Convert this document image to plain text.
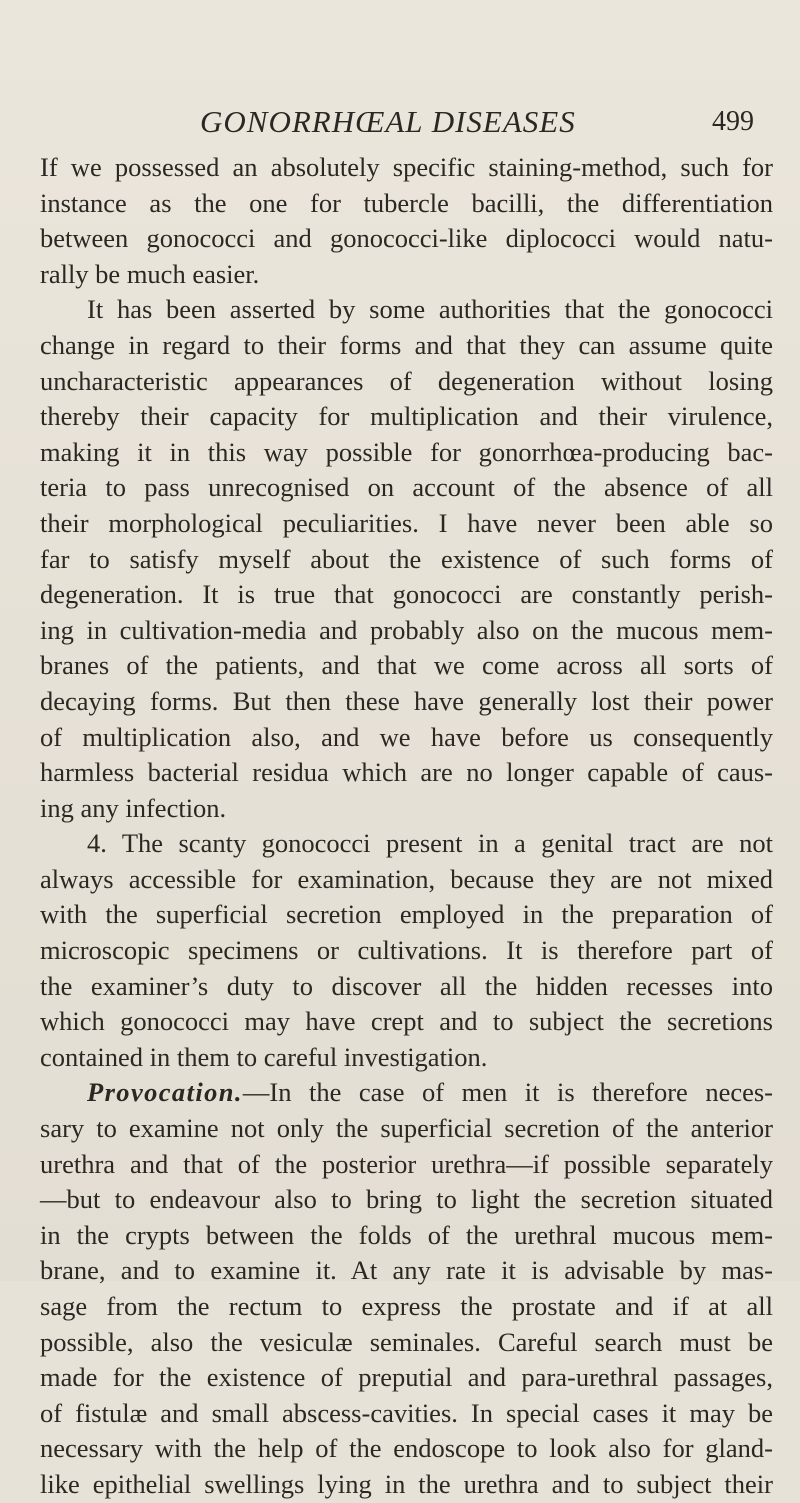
GONORRHŒAL DISEASES	499
If we possessed an absolutely specific staining-method, such for
instance as the one for tubercle bacilli, the differentiation
between gonococci and gonococci-like diplococci would natu-
rally be much easier.
It has been asserted by some authorities that the gonococci
change in regard to their forms and that they can assume quite
uncharacteristic appearances of degeneration without losing
thereby their capacity for multiplication and their virulence,
making it in this way possible for gonorrhœa-producing bac-
teria to pass unrecognised on account of the absence of all
their morphological peculiarities. I have never been able so
far to satisfy myself about the existence of such forms of
degeneration. It is true that gonococci are constantly perish-
ing in cultivation-media and probably also on the mucous mem-
branes of the patients, and that we come across all sorts of
decaying forms. But then these have generally lost their power
of multiplication also, and we have before us consequently
harmless bacterial residua which are no longer capable of caus-
ing any infection.
4. The scanty gonococci present in a genital tract are not
always accessible for examination, because they are not mixed
with the superficial secretion employed in the preparation of
microscopic specimens or cultivations. It is therefore part of
the examiner’s duty to discover all the hidden recesses into
which gonococci may have crept and to subject the secretions
contained in them to careful investigation.
Provocation.—In the case of men it is therefore neces-
sary to examine not only the superficial secretion of the anterior
urethra and that of the posterior urethra—if possible separately
—but to endeavour also to bring to light the secretion situated
in the crypts between the folds of the urethral mucous mem-
brane, and to examine it. At any rate it is advisable by mas-
sage from the rectum to express the prostate and if at all
possible, also the vesiculæ seminales. Careful search must be
made for the existence of preputial and para-urethral passages,
of fistulæ and small abscess-cavities. In special cases it may be
necessary with the help of the endoscope to look also for gland-
like epithelial swellings lying in the urethra and to subject their
